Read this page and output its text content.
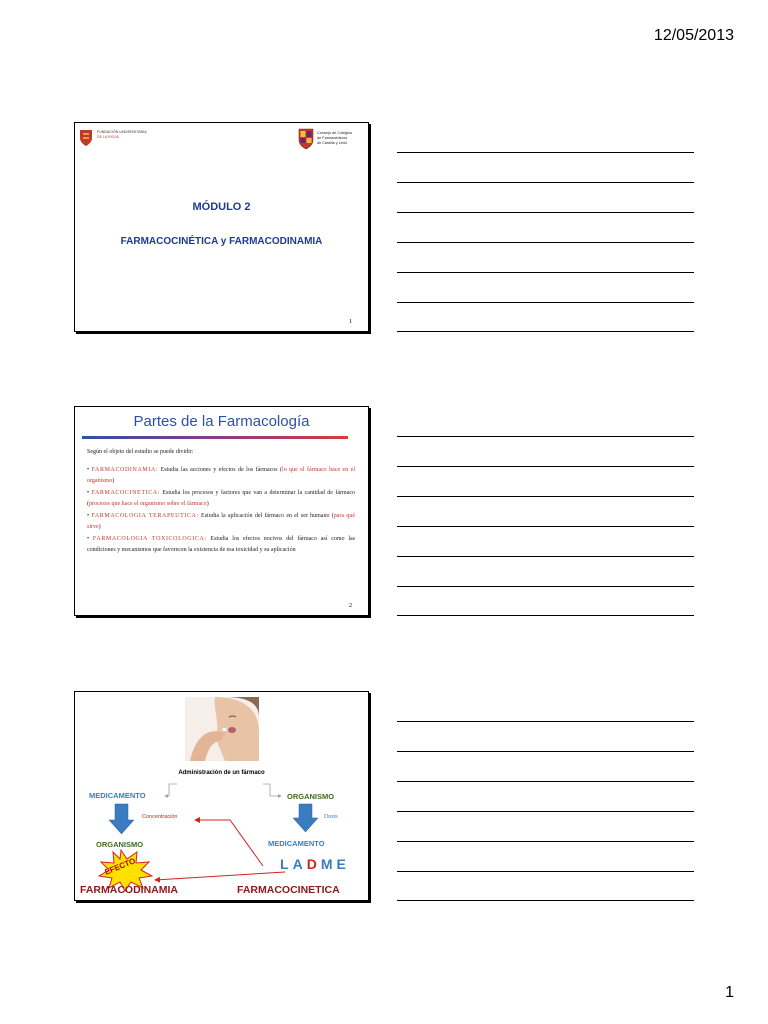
12/05/2013
FUNDACIÓN UNIVERSITARIA
DE LA RIOJA
Consejo de Colegios
de Farmacéuticos
de Castilla y León
MÓDULO 2
FARMACOCINÉTICA y FARMACODINAMIA
1
Partes de la Farmacología

Según el objeto del estudio se puede dividir:

• FARMACODINAMIA: Estudia las acciones y efectos de los fármacos (lo que el fármaco hace en el organismo)

• FARMACOCINETICA: Estudia los procesos y factores que van a determinar la cantidad de fármaco (procesos que hace el organismo sobre el fármaco)

• FARMACOLOGIA TERAPEUTICA: Estudia la aplicación del fármaco en el ser humano (para qué sirve)

• FARMACOLOGIA TOXICOLOGICA: Estudia los efectos nocivos del fármaco así como las condiciones y mecanismos que favorecen la existencia de esa toxicidad y su aplicación

2
Administración de un fármaco
MEDICAMENTO	ORGANISMO
Concentración	Dosis
ORGANISMO	MEDICAMENTO
LADME
EFECTO
FARMACODINAMIA	FARMACOCINETICA
1
